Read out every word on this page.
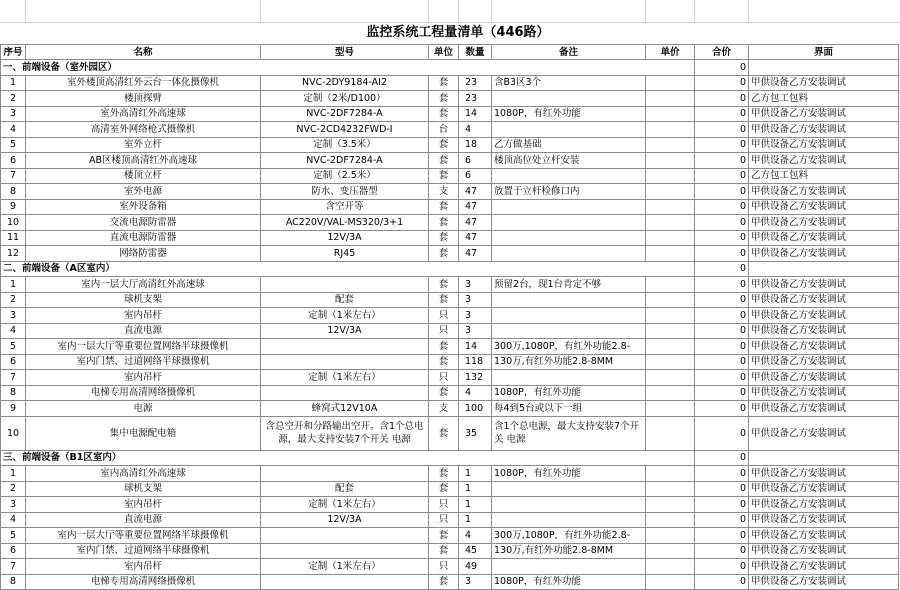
监控系统工程量清单（446路）
序号	名称	型号	单位	数量	备注	单价	合价	界面
一、前端设备（室外园区）							0	
1	室外楼顶高清红外云台一体化摄像机	NVC-2DY9184-AI2	套	23	含B3区3个		0	甲供设备乙方安装调试
2	楼顶探臂	定制（2米/D100）	套	23			0	乙方包工包料
3	室外高清红外高速球	NVC-2DF7284-A	套	14	1080P，有红外功能		0	甲供设备乙方安装调试
4	高清室外网络枪式摄像机	NVC-2CD4232FWD-I	台	4			0	甲供设备乙方安装调试
5	室外立杆	定制（3.5米）	套	18	乙方做基础		0	甲供设备乙方安装调试
6	AB区楼顶高清红外高速球	NVC-2DF7284-A	套	6	楼顶高位处立杆安装		0	甲供设备乙方安装调试
7	楼顶立杆	定制（2.5米）	套	6			0	乙方包工包料
8	室外电源	防水、变压器型	支	47	放置于立杆检修口内		0	甲供设备乙方安装调试
9	室外设备箱	含空开等	套	47			0	甲供设备乙方安装调试
10	交流电源防雷器	AC220V/VAL-MS320/3+1	套	47			0	甲供设备乙方安装调试
11	直流电源防雷器	12V/3A	套	47			0	甲供设备乙方安装调试
12	网络防雷器	RJ45	套	47			0	甲供设备乙方安装调试
二、前端设备（A区室内）							0	
1	室内一层大厅高清红外高速球		套	3	预留2台，现1台肯定不够		0	甲供设备乙方安装调试
2	球机支架	配套	套	3			0	甲供设备乙方安装调试
3	室内吊杆	定制（1米左右）	只	3			0	甲供设备乙方安装调试
4	直流电源	12V/3A	只	3			0	甲供设备乙方安装调试
5	室内一层大厅等重要位置网络半球摄像机		套	14	300万,1080P，有红外功能2.8-		0	甲供设备乙方安装调试
6	室内门禁、过道网络半球摄像机		套	118	130万,有红外功能2.8-8MM		0	甲供设备乙方安装调试
7	室内吊杆	定制（1米左右）	只	132			0	甲供设备乙方安装调试
8	电梯专用高清网络摄像机		套	4	1080P，有红外功能		0	甲供设备乙方安装调试
9	电源	蜂窝式12V10A	支	100	每4到5台或以下一组		0	甲供设备乙方安装调试
10	集中电源配电箱	含总空开和分路输出空开。含1个总电源，最大支持安装7个开关 电源	套	35	含1个总电源，最大支持安装7个开关 电源		0	甲供设备乙方安装调试
三、前端设备（B1区室内）							0	
1	室内高清红外高速球		套	1	1080P，有红外功能		0	甲供设备乙方安装调试
2	球机支架	配套	套	1			0	甲供设备乙方安装调试
3	室内吊杆	定制（1米左右）	只	1			0	甲供设备乙方安装调试
4	直流电源	12V/3A	只	1			0	甲供设备乙方安装调试
5	室内一层大厅等重要位置网络半球摄像机		套	4	300万,1080P，有红外功能2.8-		0	甲供设备乙方安装调试
6	室内门禁、过道网络半球摄像机		套	45	130万,有红外功能2.8-8MM		0	甲供设备乙方安装调试
7	室内吊杆	定制（1米左右）	只	49			0	甲供设备乙方安装调试
8	电梯专用高清网络摄像机		套	3	1080P，有红外功能		0	甲供设备乙方安装调试
